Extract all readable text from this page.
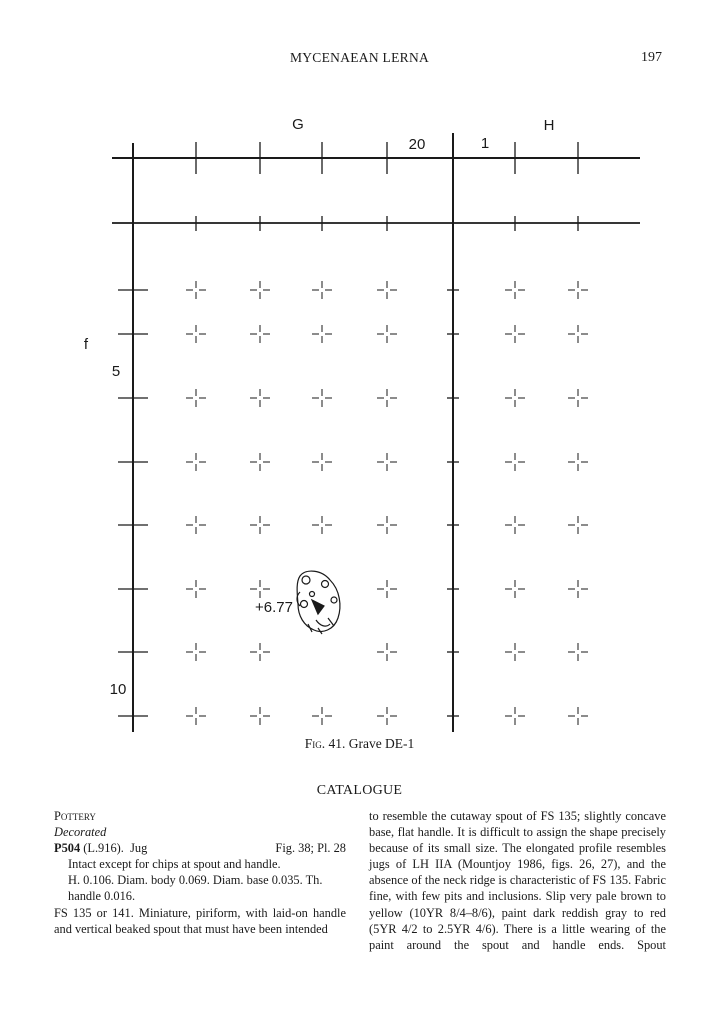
MYCENAEAN LERNA	197
G	H
20	1
f
5
10
+6.77
Fig. 41. Grave DE-1
CATALOGUE

Pottery

Decorated

P504 (L.916). Jug	Fig. 38; Pl. 28

Intact except for chips at spout and handle.

H. 0.106. Diam. body 0.069. Diam. base 0.035. Th. handle 0.016.

FS 135 or 141. Miniature, piriform, with laid-on handle and vertical beaked spout that must have been intended

to resemble the cutaway spout of FS 135; slightly concave base, flat handle. It is difficult to assign the shape precisely because of its small size. The elongated profile resembles jugs of LH IIA (Mountjoy 1986, figs. 26, 27), and the absence of the neck ridge is characteristic of FS 135. Fabric fine, with few pits and inclusions. Slip very pale brown to yellow (10YR 8/4–8/6), paint dark reddish gray to red (5YR 4/2 to 2.5YR 4/6). There is a little wearing of the paint around the spout and handle ends. Spout
